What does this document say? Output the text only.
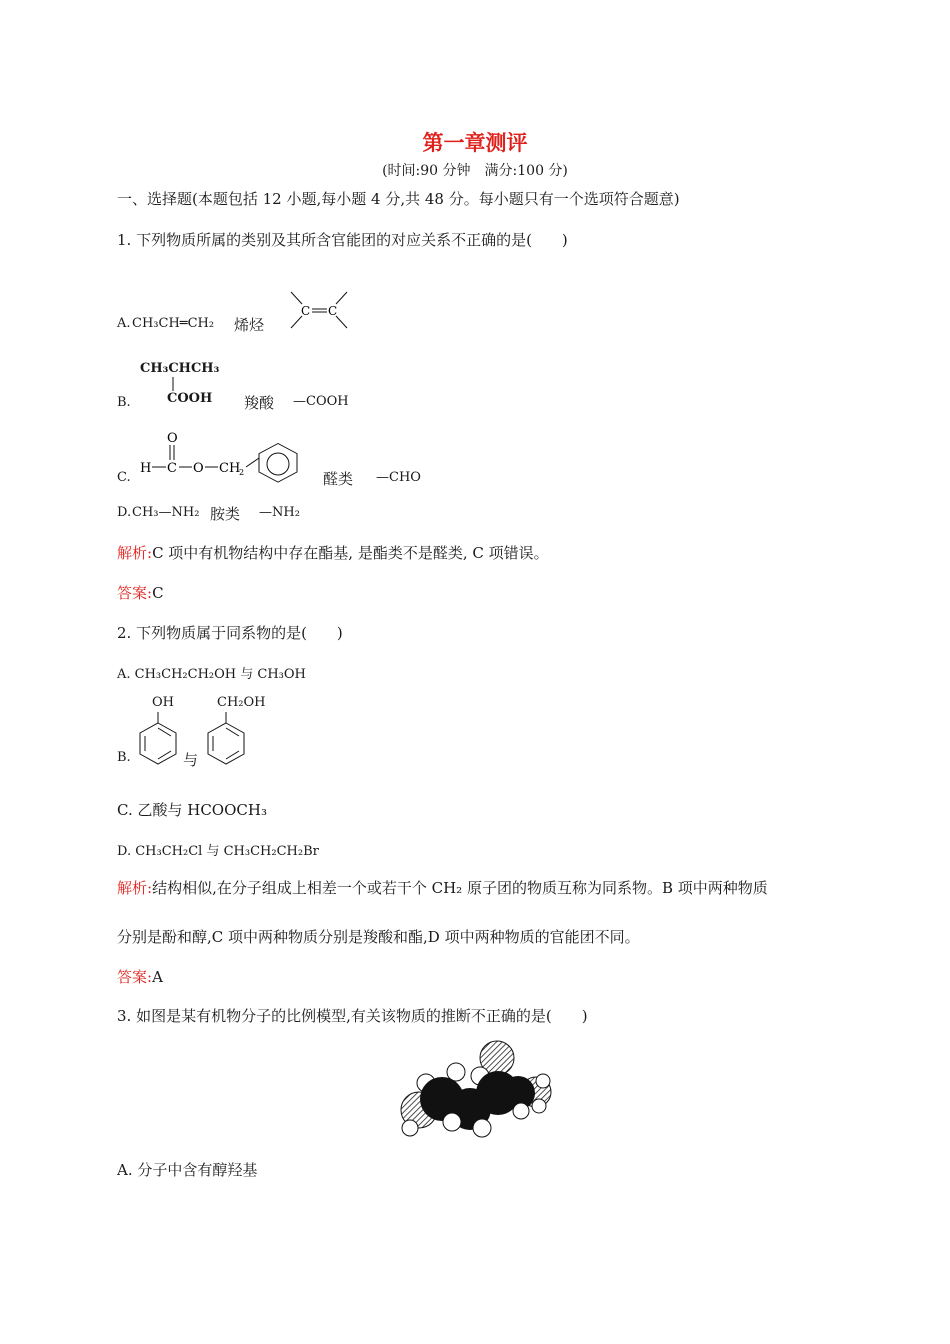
第一章测评
(时间:90 分钟　满分:100 分)
一、选择题(本题包括 12 小题,每小题 4 分,共 48 分。每小题只有一个选项符合题意)
1. 下列物质所属的类别及其所含官能团的对应关系不正确的是(　　)
A. CH₃CH═CH₂ 烯烃
C C
CH₃CHCH₃
B.	COOH 羧酸 —COOH
C.
O
H C O CH
2	醛类 —CHO
D. CH₃—NH₂ 胺类 —NH₂
解析:C 项中有机物结构中存在酯基, 是酯类不是醛类, C 项错误。
答案:C
2. 下列物质属于同系物的是(　　)
A. CH₃CH₂CH₂OH 与 CH₃OH
OH
B.	与
CH₂OH
C. 乙酸与 HCOOCH₃
D. CH₃CH₂Cl 与 CH₃CH₂CH₂Br
解析:结构相似,在分子组成上相差一个或若干个 CH₂ 原子团的物质互称为同系物。B 项中两种物质
分别是酚和醇,C 项中两种物质分别是羧酸和酯,D 项中两种物质的官能团不同。
答案:A
3. 如图是某有机物分子的比例模型,有关该物质的推断不正确的是(　　)
A. 分子中含有醇羟基
